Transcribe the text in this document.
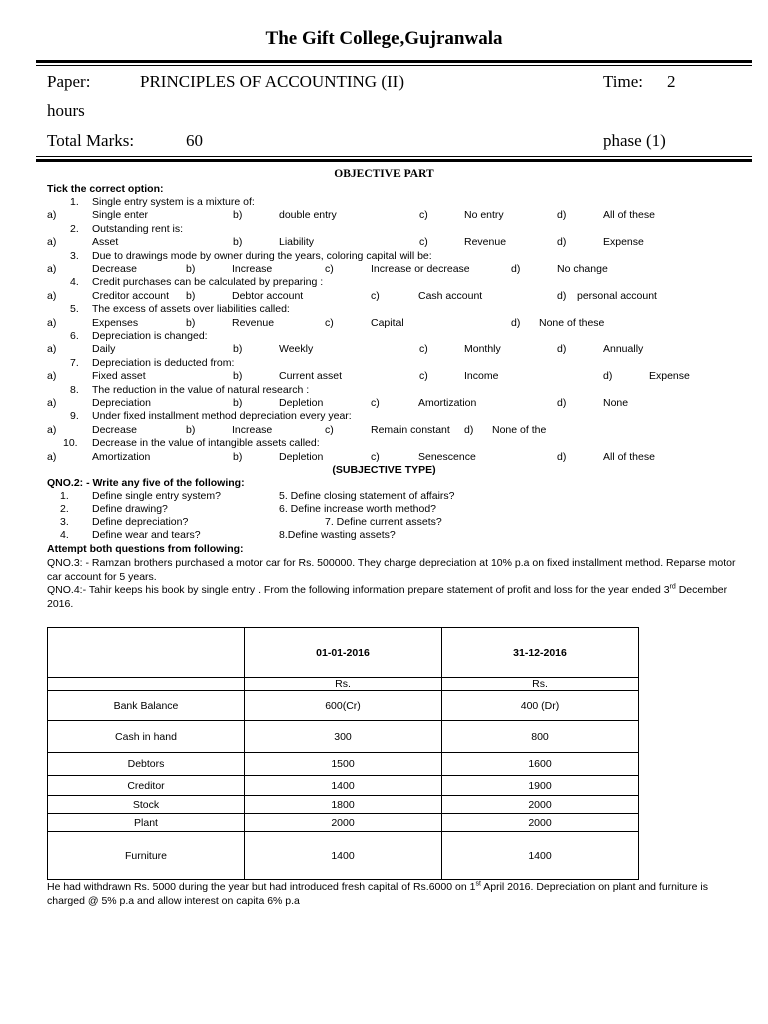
The Gift College,Gujranwala
Paper:	PRINCIPLES OF ACCOUNTING (II)	Time: 2
hours
Total Marks:	60	phase (1)
OBJECTIVE PART
Tick the correct option:
1. Single entry system is a mixture of:
a)	Single enter	b)	double entry	c)	No entry	d)	All of these
2. Outstanding rent is:
a)	Asset	b)	Liability	c)	Revenue	d)	Expense
3. Due to drawings mode by owner during the years, coloring capital will be:
a)	Decrease	b)	Increase	c)	Increase or decrease	d)	No change
4. Credit purchases can be calculated by preparing :
a)	Creditor account b)	Debtor account	c)	Cash account	d) personal account
5. The excess of assets over liabilities called:
a)	Expenses	b)	Revenue	c)	Capital	d) None of these
6. Depreciation is changed:
a)	Daily	b)	Weekly	c)	Monthly	d)	Annually
7. Depreciation is deducted from:
a)	Fixed asset	b)	Current asset	c)	Income	d)	Expense
8. The reduction in the value of natural research :
a)	Depreciation	b)	Depletion	c)	Amortization	d)	None
9. Under fixed installment method depreciation every year:
a)	Decrease	b)	Increase	c)	Remain constant d) None of the
10. Decrease in the value of intangible assets called:
a)	Amortization	b)	Depletion	c)	Senescence	d)	All of these
(SUBJECTIVE TYPE)
QNO.2: - Write any five of the following:
1. Define single entry system?	5. Define closing statement of affairs?
2. Define drawing?	6. Define increase worth method?
3. Define depreciation?	7. Define current assets?
4. Define wear and tears?	8.Define wasting assets?
Attempt both questions from following:
QNO.3: - Ramzan brothers purchased a motor car for Rs. 500000. They charge depreciation at 10% p.a on fixed installment method. Reparse motor car account for 5 years.
QNO.4:- Tahir keeps his book by single entry . From the following information prepare statement of profit and loss for the year ended 3rd December 2016.
	01-01-2016	31-12-2016
	Rs.	Rs.
Bank Balance	600(Cr)	400 (Dr)
Cash in hand	300	800
Debtors	1500	1600
Creditor	1400	1900
Stock	1800	2000
Plant	2000	2000
Furniture	1400	1400
He had withdrawn Rs. 5000 during the year but had introduced fresh capital of Rs.6000 on 1st April 2016. Depreciation on plant and furniture is charged @ 5% p.a and allow interest on capita 6% p.a
